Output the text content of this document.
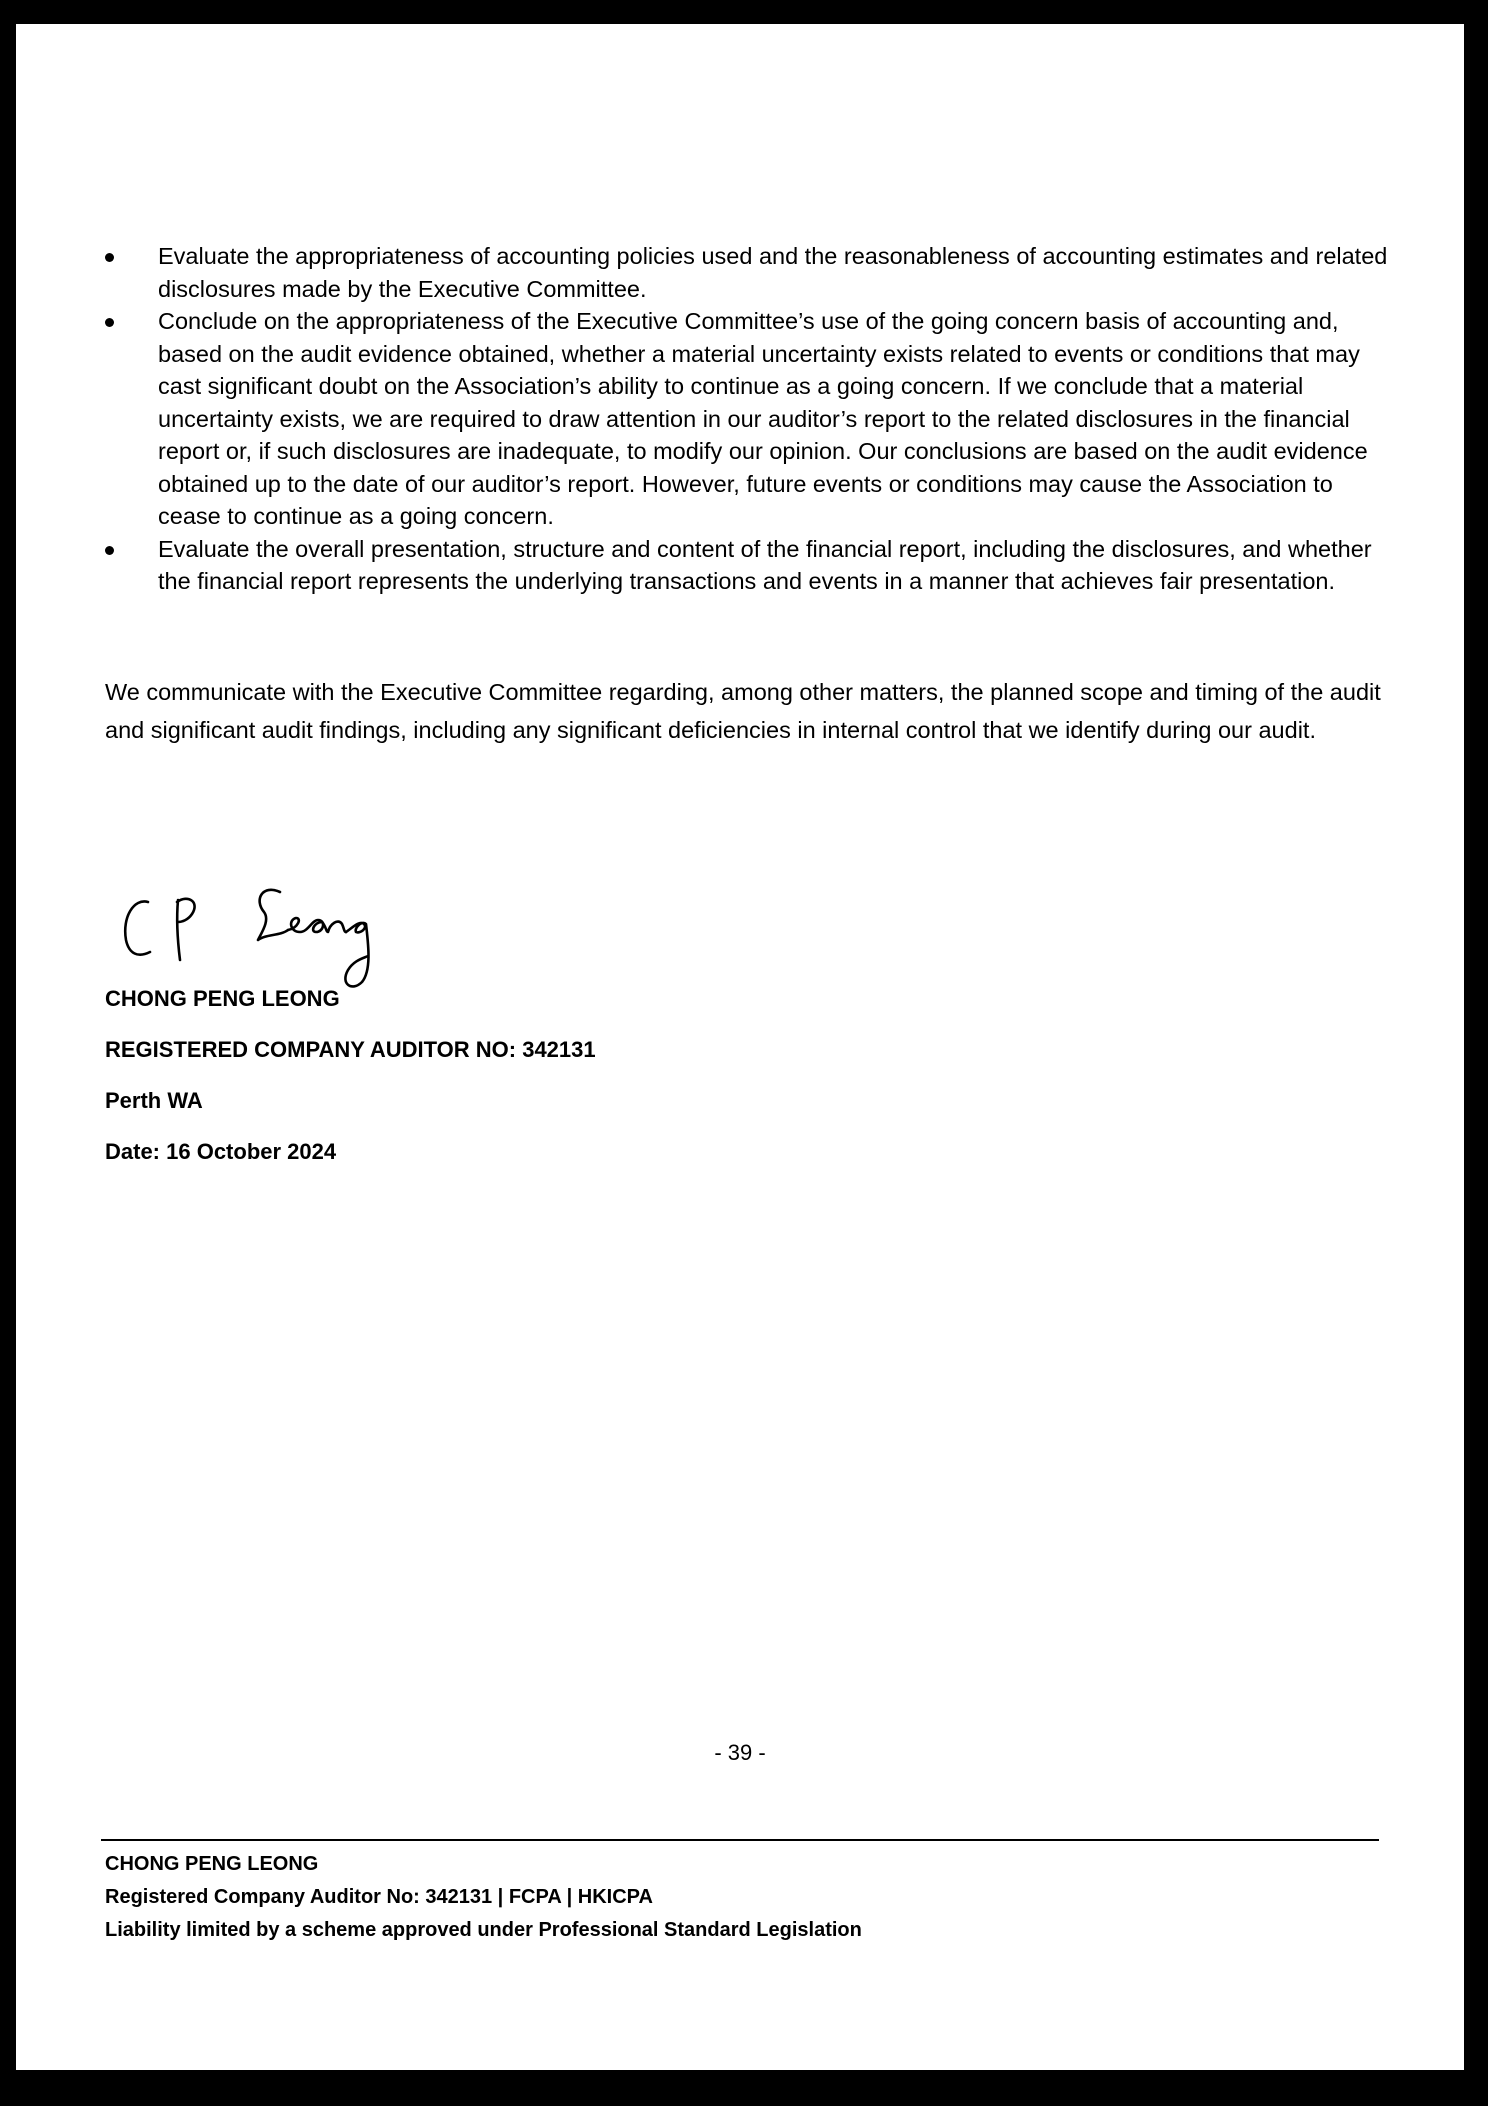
Evaluate the appropriateness of accounting policies used and the reasonableness of accounting estimates and related disclosures made by the Executive Committee.
Conclude on the appropriateness of the Executive Committee’s use of the going concern basis of accounting and, based on the audit evidence obtained, whether a material uncertainty exists related to events or conditions that may cast significant doubt on the Association’s ability to continue as a going concern. If we conclude that a material uncertainty exists, we are required to draw attention in our auditor’s report to the related disclosures in the financial report or, if such disclosures are inadequate, to modify our opinion. Our conclusions are based on the audit evidence obtained up to the date of our auditor’s report. However, future events or conditions may cause the Association to cease to continue as a going concern.
Evaluate the overall presentation, structure and content of the financial report, including the disclosures, and whether the financial report represents the underlying transactions and events in a manner that achieves fair presentation.

We communicate with the Executive Committee regarding, among other matters, the planned scope and timing of the audit and significant audit findings, including any significant deficiencies in internal control that we identify during our audit.

CHONG PENG LEONG

REGISTERED COMPANY AUDITOR NO: 342131

Perth WA

Date: 16 October 2024

- 39 -

CHONG PENG LEONG

Registered Company Auditor No: 342131 | FCPA | HKICPA

Liability limited by a scheme approved under Professional Standard Legislation
